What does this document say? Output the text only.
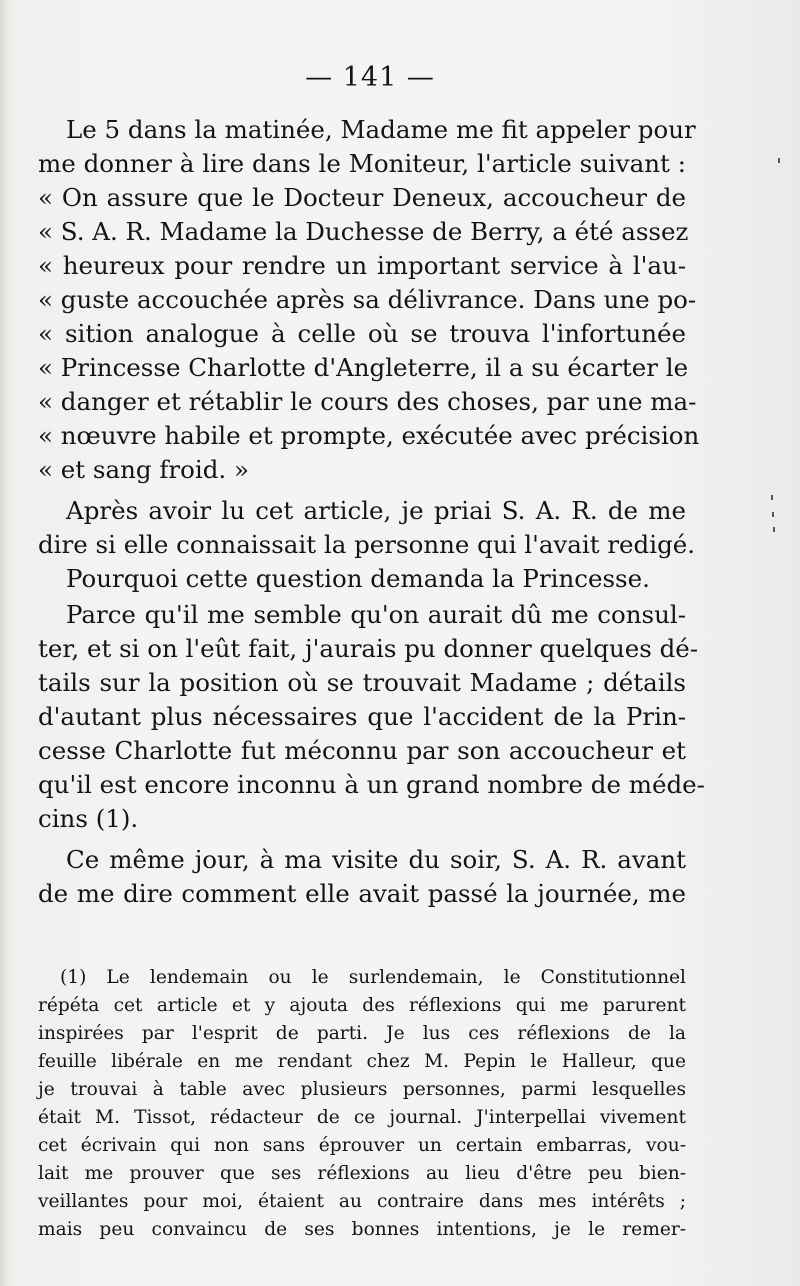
— 141 —
Le 5 dans la matinée, Madame me fit appeler pour
me donner à lire dans le Moniteur, l'article suivant :
« On assure que le Docteur Deneux, accoucheur de
« S. A. R. Madame la Duchesse de Berry, a été assez
« heureux pour rendre un important service à l'au-
« guste accouchée après sa délivrance. Dans une po-
« sition analogue à celle où se trouva l'infortunée
« Princesse Charlotte d'Angleterre, il a su écarter le
« danger et rétablir le cours des choses, par une ma-
« nœuvre habile et prompte, exécutée avec précision
« et sang froid. »
Après avoir lu cet article, je priai S. A. R. de me
dire si elle connaissait la personne qui l'avait redigé.
Pourquoi cette question demanda la Princesse.
Parce qu'il me semble qu'on aurait dû me consul-
ter, et si on l'eût fait, j'aurais pu donner quelques dé-
tails sur la position où se trouvait Madame ; détails
d'autant plus nécessaires que l'accident de la Prin-
cesse Charlotte fut méconnu par son accoucheur et
qu'il est encore inconnu à un grand nombre de méde-
cins (1).
Ce même jour, à ma visite du soir, S. A. R. avant
de me dire comment elle avait passé la journée, me
(1) Le lendemain ou le surlendemain, le Constitutionnel
répéta cet article et y ajouta des réflexions qui me parurent
inspirées par l'esprit de parti. Je lus ces réflexions de la
feuille libérale en me rendant chez M. Pepin le Halleur, que
je trouvai à table avec plusieurs personnes, parmi lesquelles
était M. Tissot, rédacteur de ce journal. J'interpellai vivement
cet écrivain qui non sans éprouver un certain embarras, vou-
lait me prouver que ses réflexions au lieu d'être peu bien-
veillantes pour moi, étaient au contraire dans mes intérêts ;
mais peu convaincu de ses bonnes intentions, je le remer-
